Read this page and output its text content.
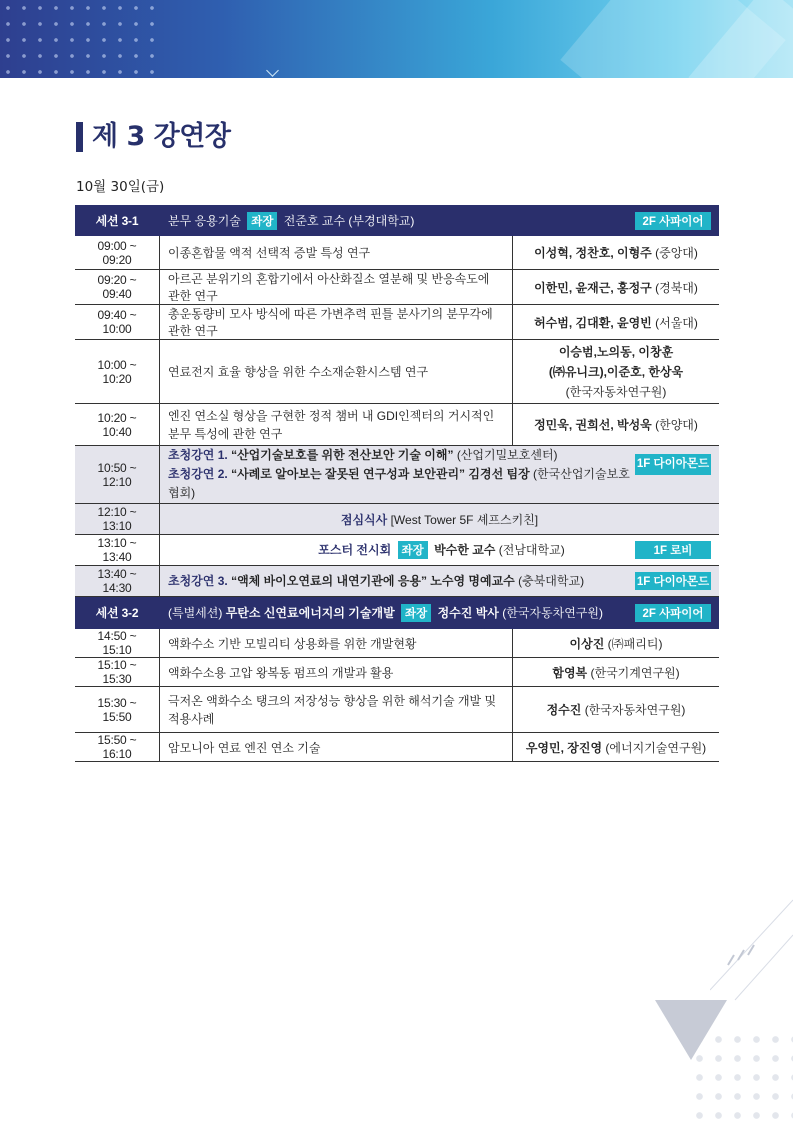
제 3 강연장
10월 30일(금)
세션 3-1	분무 응용기술 좌장 전준호 교수 (부경대학교) 2F 사파이어	

09:00 ~ 09:20	이종혼합물 액적 선택적 증발 특성 연구	이성혁, 정찬호, 이형주 (중앙대)
09:20 ~ 09:40	아르곤 분위기의 혼합기에서 아산화질소 열분해 및 반응속도에 관한 연구	이한민, 윤재근, 홍정구 (경북대)
09:40 ~ 10:00	총운동량비 모사 방식에 따른 가변추력 핀틀 분사기의 분무각에 관한 연구	허수범, 김대환, 윤영빈 (서울대)
10:00 ~ 10:20	연료전지 효율 향상을 위한 수소재순환시스템 연구	이승범,노의동, 이창훈
(㈜유니크),이준호, 한상욱
(한국자동차연구원)

10:20 ~ 10:40	엔진 연소실 형상을 구현한 정적 챔버 내 GDI인젝터의 거시적인 분무 특성에 관한 연구	정민욱, 권희선, 박성욱 (한양대)
10:50 ~ 12:10	1F 다이아몬드
초청강연 1. “산업기술보호를 위한 전산보안 기술 이해” (산업기밀보호센터)
초청강연 2. “사례로 알아보는 잘못된 연구성과 보안관리” 김경선 팀장 (한국산업기술보호협회)	

12:10 ~ 13:10	점심식사 [West Tower 5F 셰프스키친]	
13:10 ~ 13:40	1F 로비
포스터 전시회 좌장 박수한 교수 (전남대학교)	

13:40 ~ 14:30	1F 다이아몬드
초청강연 3. “액체 바이오연료의 내연기관에 응용” 노수영 명예교수 (충북대학교)	
세션 3-2	(특별세션) 무탄소 신연료에너지의 기술개발 좌장 정수진 박사 (한국자동차연구원) 2F 사파이어	

14:50 ~ 15:10	액화수소 기반 모빌리티 상용화를 위한 개발현황	이상진 (㈜패리티)
15:10 ~ 15:30	액화수소용 고압 왕복동 펌프의 개발과 활용	함영복 (한국기계연구원)
15:30 ~ 15:50	극저온 액화수소 탱크의 저장성능 향상을 위한 해석기술 개발 및 적용사례	정수진 (한국자동차연구원)
15:50 ~ 16:10	암모니아 연료 엔진 연소 기술	우영민, 장진영 (에너지기술연구원)
